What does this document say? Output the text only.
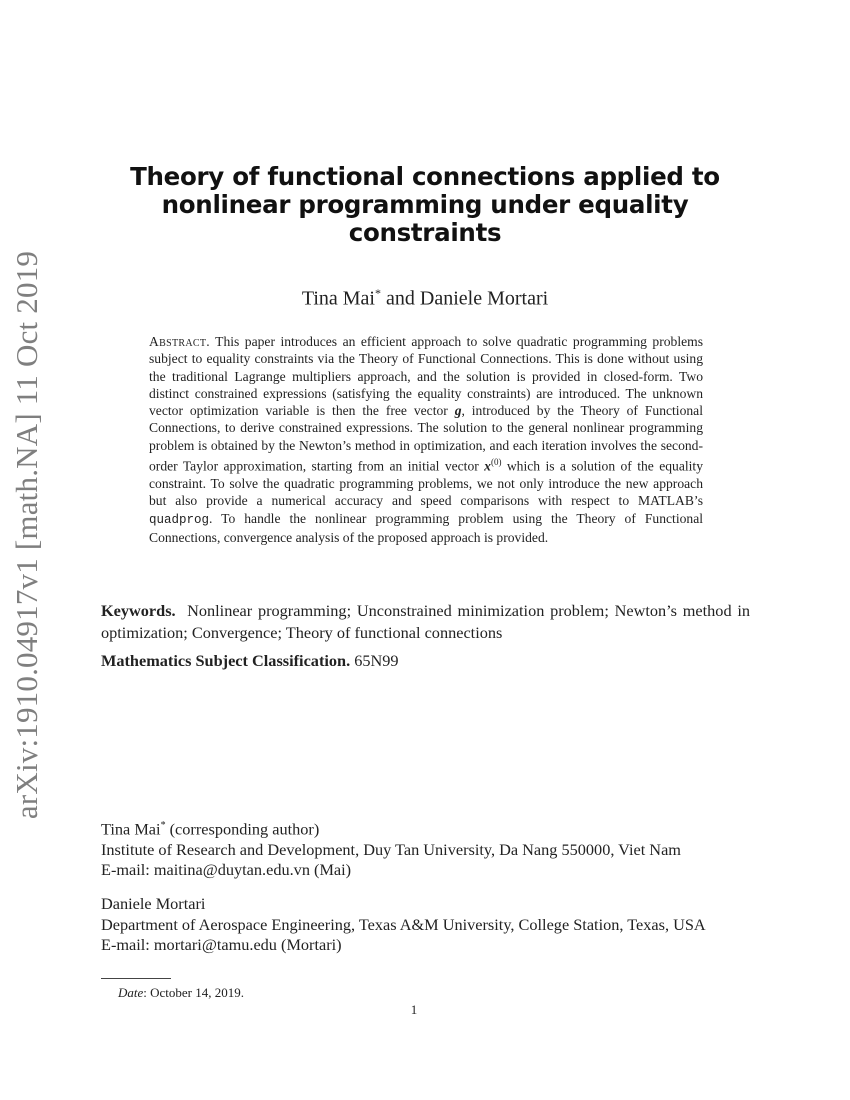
arXiv:1910.04917v1 [math.NA] 11 Oct 2019
Theory of functional connections applied to
nonlinear programming under equality
constraints
Tina Mai* and Daniele Mortari
Abstract. This paper introduces an efficient approach to solve quadratic programming problems subject to equality constraints via the Theory of Functional Connections. This is done without using the traditional Lagrange multipliers approach, and the solution is provided in closed-form. Two distinct constrained expressions (satisfying the equality constraints) are introduced. The unknown vector optimization variable is then the free vector g, introduced by the Theory of Functional Connections, to derive constrained expressions. The solution to the general nonlinear programming problem is obtained by the Newton’s method in optimization, and each iteration involves the second-order Taylor approximation, starting from an initial vector $x^{(0)}$ which is a solution of the equality constraint. To solve the quadratic programming problems, we not only introduce the new approach but also provide a numerical accuracy and speed comparisons with respect to MATLAB’s quadprog. To handle the nonlinear programming problem using the Theory of Functional Connections, convergence analysis of the proposed approach is provided.
Keywords. Nonlinear programming; Unconstrained minimization problem; Newton’s method in optimization; Convergence; Theory of functional connections
Mathematics Subject Classification. 65N99
Tina Mai* (corresponding author)
Institute of Research and Development, Duy Tan University, Da Nang 550000, Viet Nam
E-mail: maitina@duytan.edu.vn (Mai)
Daniele Mortari
Department of Aerospace Engineering, Texas A&M University, College Station, Texas, USA
E-mail: mortari@tamu.edu (Mortari)
Date: October 14, 2019.
1
